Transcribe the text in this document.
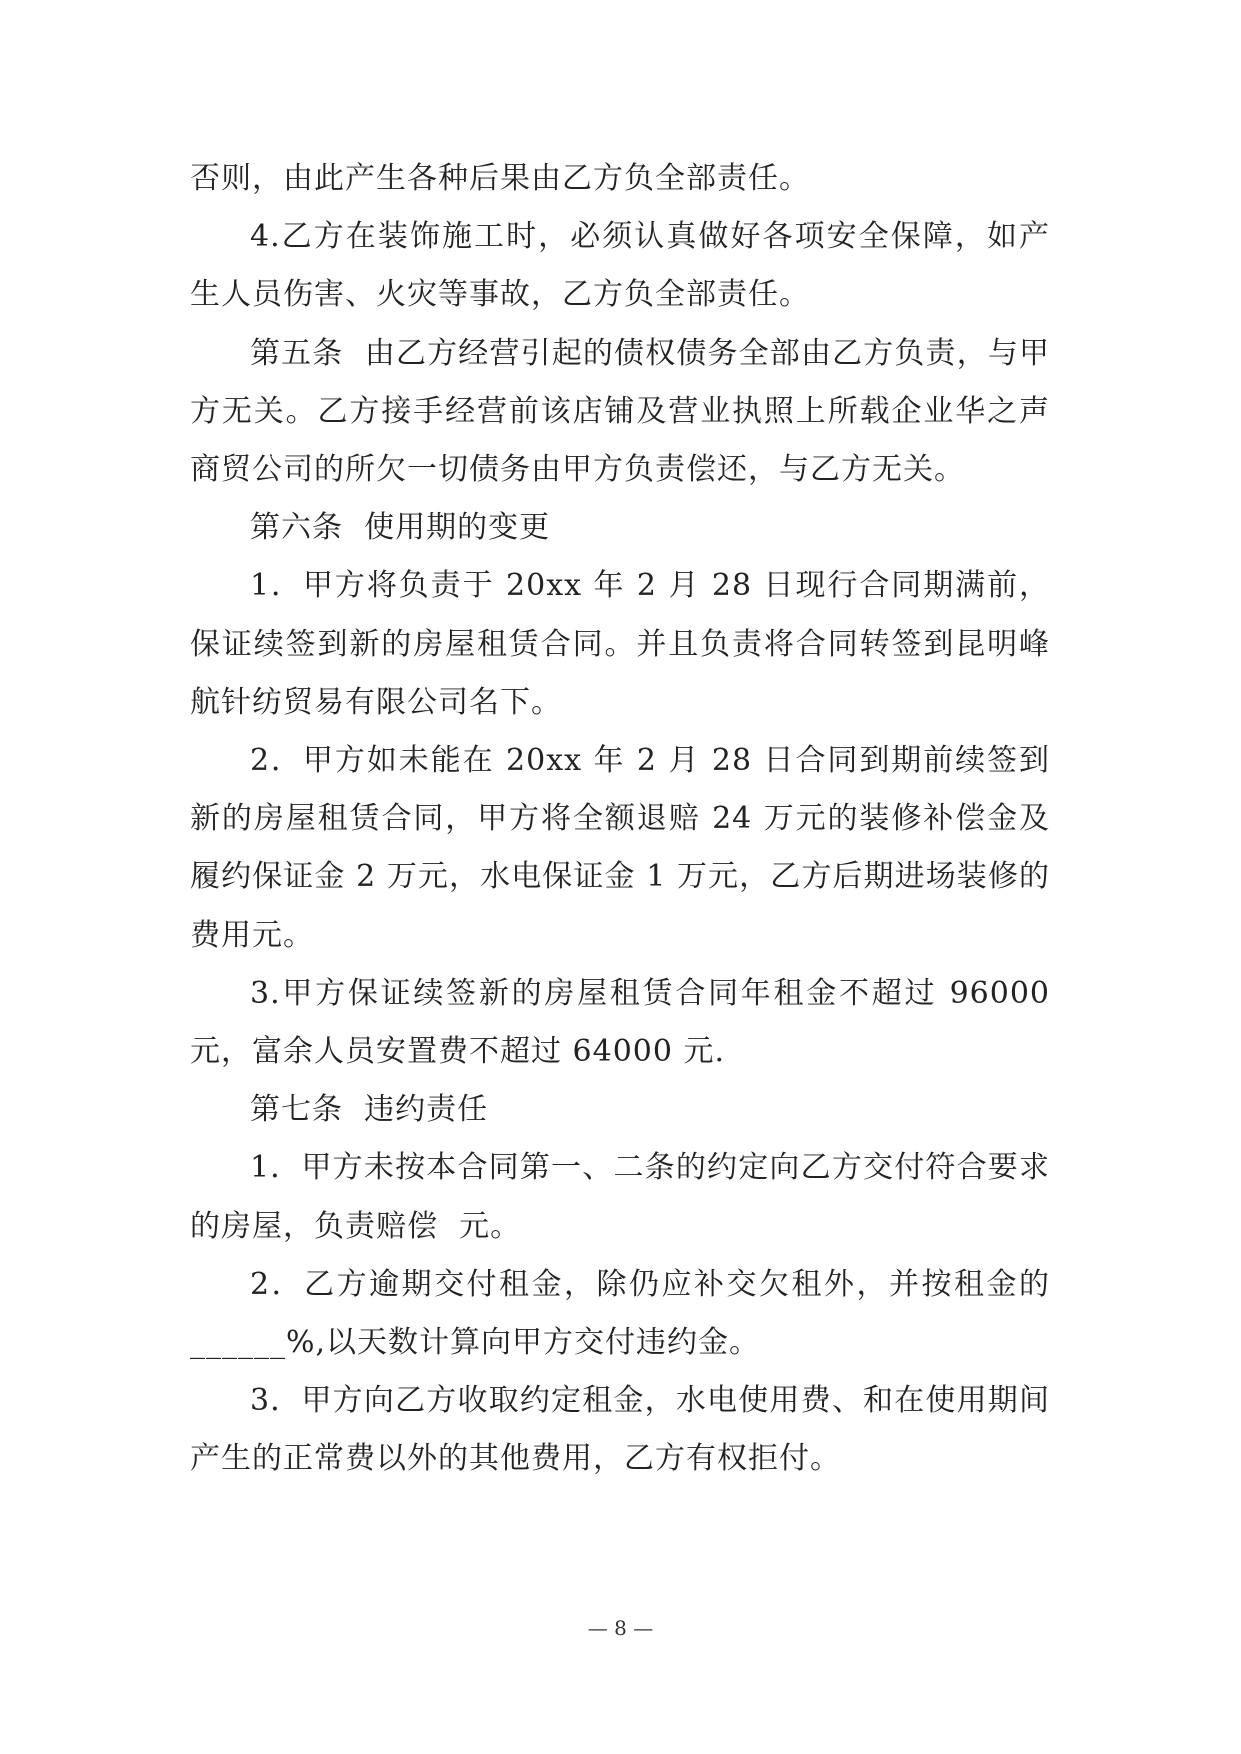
否则，由此产生各种后果由乙方负全部责任。

4.乙方在装饰施工时，必须认真做好各项安全保障，如产生人员伤害、火灾等事故，乙方负全部责任。

第五条  由乙方经营引起的债权债务全部由乙方负责，与甲方无关。乙方接手经营前该店铺及营业执照上所载企业华之声商贸公司的所欠一切债务由甲方负责偿还，与乙方无关。

第六条  使用期的变更

1．甲方将负责于 20xx 年 2 月 28 日现行合同期满前，保证续签到新的房屋租赁合同。并且负责将合同转签到昆明峰航针纺贸易有限公司名下。

2．甲方如未能在 20xx 年 2 月 28 日合同到期前续签到新的房屋租赁合同，甲方将全额退赔 24 万元的装修补偿金及履约保证金 2 万元，水电保证金 1 万元，乙方后期进场装修的费用元。

3.甲方保证续签新的房屋租赁合同年租金不超过 96000 元，富余人员安置费不超过 64000 元.

第七条  违约责任

1．甲方未按本合同第一、二条的约定向乙方交付符合要求的房屋，负责赔偿  元。

2．乙方逾期交付租金，除仍应补交欠租外，并按租金的______%,以天数计算向甲方交付违约金。

3．甲方向乙方收取约定租金，水电使用费、和在使用期间产生的正常费以外的其他费用，乙方有权拒付。

— 8 —
